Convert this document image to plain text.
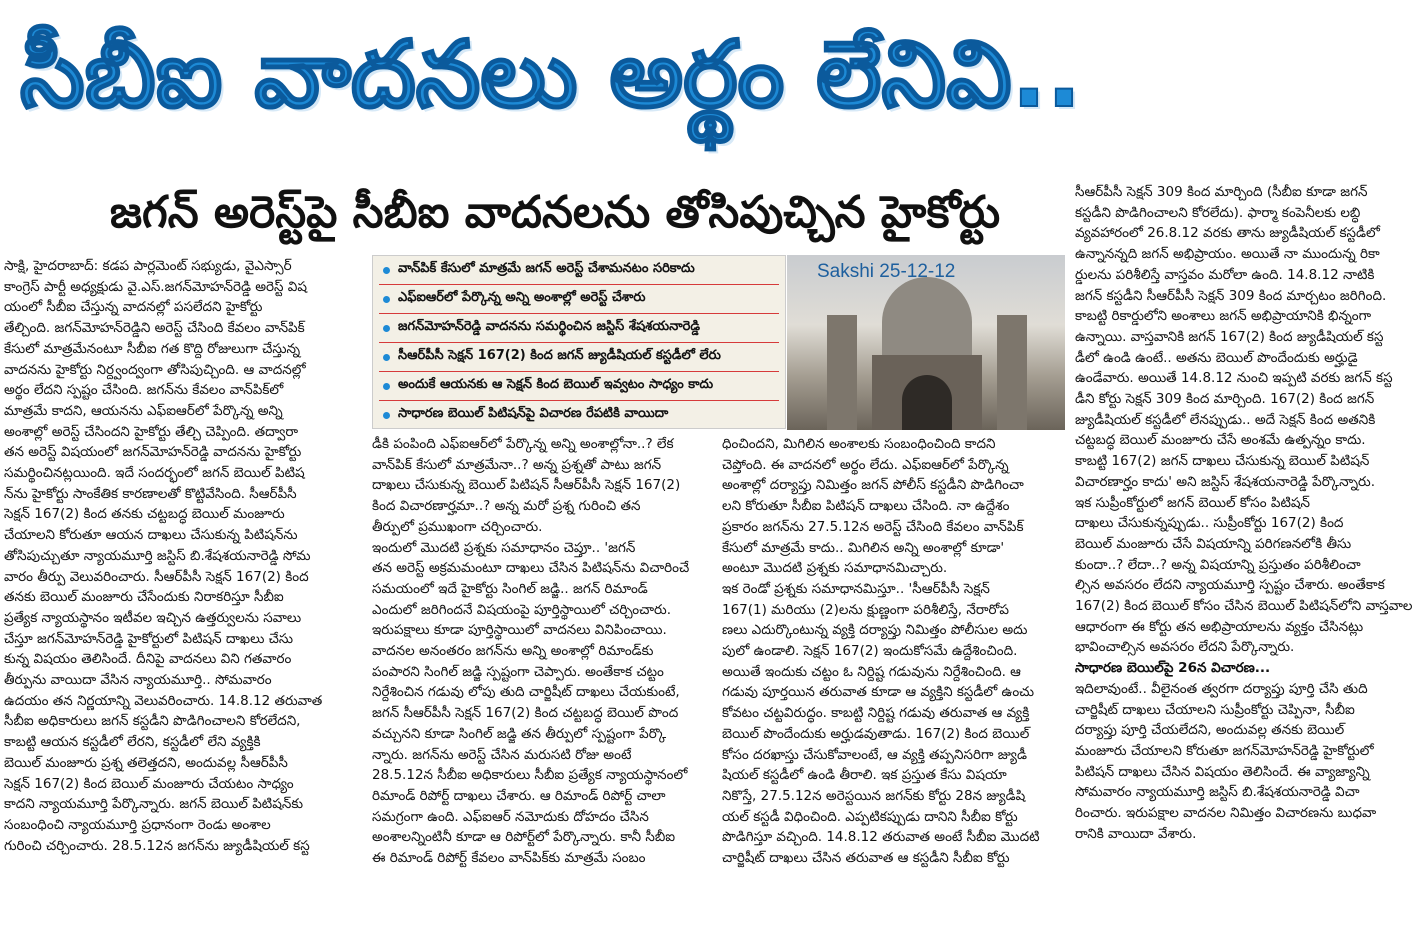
సీబీఐ వాదనలు అర్థం లేనివి..
జగన్ అరెస్ట్‌పై సీబీఐ వాదనలను తోసిపుచ్చిన హైకోర్టు
సాక్షి, హైదరాబాద్: కడప పార్లమెంట్ సభ్యుడు, వైఎస్సార్
కాంగ్రెస్ పార్టీ అధ్యక్షుడు వై.ఎస్.జగన్‌మోహన్‌రెడ్డి అరెస్ట్ విష
యంలో సీబీఐ చేస్తున్న వాదనల్లో పసలేదని హైకోర్టు
తేల్చింది. జగన్‌మోహన్‌రెడ్డిని అరెస్ట్ చేసింది కేవలం వాన్‌పిక్
కేసులో మాత్రమేనంటూ సీబీఐ గత కొద్ది రోజులుగా చేస్తున్న
వాదనను హైకోర్టు నిర్ద్వంద్వంగా తోసిపుచ్చింది. ఆ వాదనల్లో
అర్థం లేదని స్పష్టం చేసింది. జగన్‌ను కేవలం వాన్‌పిక్‌లో
మాత్రమే కాదని, ఆయనను ఎఫ్ఐఆర్‌లో పేర్కొన్న అన్ని
అంశాల్లో అరెస్ట్ చేసిందని హైకోర్టు తేల్చి చెప్పింది. తద్వారా
తన అరెస్ట్ విషయంలో జగన్‌మోహన్‌రెడ్డి వాదనను హైకోర్టు
సమర్థించినట్లయింది. ఇదే సందర్భంలో జగన్ బెయిల్ పిటిష
న్‌ను హైకోర్టు సాంకేతిక కారణాలతో కొట్టివేసింది. సీఆర్‌పీసీ
సెక్షన్ 167(2) కింద తనకు చట్టబద్ధ బెయిల్ మంజూరు
చేయాలని కోరుతూ ఆయన దాఖలు చేసుకున్న పిటిషన్‌ను
తోసిపుచ్చుతూ న్యాయమూర్తి జస్టిస్ బి.శేషశయనారెడ్డి సోమ
వారం తీర్పు వెలువరించారు. సీఆర్‌పీసీ సెక్షన్ 167(2) కింద
తనకు బెయిల్ మంజూరు చేసేందుకు నిరాకరిస్తూ సీబీఐ
ప్రత్యేక న్యాయస్థానం ఇటీవల ఇచ్చిన ఉత్తర్వులను సవాలు
చేస్తూ జగన్‌మోహన్‌రెడ్డి హైకోర్టులో పిటిషన్ దాఖలు చేసు
కున్న విషయం తెలిసిందే. దీనిపై వాదనలు విని గతవారం
తీర్పును వాయిదా వేసిన న్యాయమూర్తి.. సోమవారం
ఉదయం తన నిర్ణయాన్ని వెలువరించారు. 14.8.12 తరువాత
సీబీఐ అధికారులు జగన్ కస్టడీని పొడిగించాలని కోరలేదని,
కాబట్టి ఆయన కస్టడీలో లేరని, కస్టడీలో లేని వ్యక్తికి
బెయిల్ మంజూరు ప్రశ్న తలెత్తదని, అందువల్ల సీఆర్‌పీసీ
సెక్షన్ 167(2) కింద బెయిల్ మంజూరు చేయటం సాధ్యం
కాదని న్యాయమూర్తి పేర్కొన్నారు. జగన్ బెయిల్ పిటిషన్‌కు
సంబంధించి న్యాయమూర్తి ప్రధానంగా రెండు అంశాల
గురించి చర్చించారు. 28.5.12న జగన్‌ను జ్యుడీషియల్ కస్ట
వాన్‌పిక్ కేసులో మాత్రమే జగన్ అరెస్ట్ చేశామనటం సరికాదు
ఎఫ్ఐఆర్‌లో పేర్కొన్న అన్ని అంశాల్లో అరెస్ట్ చేశారు
జగన్‌మోహన్‌రెడ్డి వాదనను సమర్థించిన జస్టిస్ శేషశయనారెడ్డి
సీఆర్‌పీసీ సెక్షన్ 167(2) కింద జగన్ జ్యుడీషియల్ కస్టడీలో లేరు
అందుకే ఆయనకు ఆ సెక్షన్ కింద బెయిల్ ఇవ్వటం సాధ్యం కాదు
సాధారణ బెయిల్ పిటిషన్‌పై విచారణ రేపటికి వాయిదా
Sakshi 25-12-12
డీకి పంపింది ఎఫ్ఐఆర్‌లో పేర్కొన్న అన్ని అంశాల్లోనా..? లేక
వాన్‌పిక్ కేసులో మాత్రమేనా..? అన్న ప్రశ్నతో పాటు జగన్
దాఖలు చేసుకున్న బెయిల్ పిటిషన్ సీఆర్‌పీసీ సెక్షన్ 167(2)
కింద విచారణార్హమా..? అన్న మరో ప్రశ్న గురించి తన
తీర్పులో ప్రముఖంగా చర్చించారు.
ఇందులో మొదటి ప్రశ్నకు సమాధానం చెప్తూ.. 'జగన్
తన అరెస్ట్ అక్రమమంటూ దాఖలు చేసిన పిటిషన్‌ను విచారించే
సమయంలో ఇదే హైకోర్టు సింగిల్ జడ్జి.. జగన్ రిమాండ్
ఎందులో జరిగిందనే విషయంపై పూర్తిస్థాయిలో చర్చించారు.
ఇరుపక్షాలు కూడా పూర్తిస్థాయిలో వాదనలు వినిపించాయి.
వాదనల అనంతరం జగన్‌ను అన్ని అంశాల్లో రిమాండ్‌కు
పంపారని సింగిల్ జడ్జి స్పష్టంగా చెప్పారు. అంతేకాక చట్టం
నిర్దేశించిన గడువు లోపు తుది చార్జిషీట్ దాఖలు చేయకుంటే,
జగన్ సీఆర్‌పీసీ సెక్షన్ 167(2) కింద చట్టబద్ధ బెయిల్ పొంద
వచ్చునని కూడా సింగిల్ జడ్జి తన తీర్పులో స్పష్టంగా పేర్కొ
న్నారు. జగన్‌ను అరెస్ట్ చేసిన మరుసటి రోజు అంటే
28.5.12న సీబీఐ అధికారులు సీబీఐ ప్రత్యేక న్యాయస్థానంలో
రిమాండ్ రిపోర్ట్ దాఖలు చేశారు. ఆ రిమాండ్ రిపోర్ట్ చాలా
సమగ్రంగా ఉంది. ఎఫ్ఐఆర్ నమోదుకు దోహదం చేసిన
అంశాలన్నింటినీ కూడా ఆ రిపోర్ట్‌లో పేర్కొన్నారు. కానీ సీబీఐ
ఈ రిమాండ్ రిపోర్ట్ కేవలం వాన్‌పిక్‌కు మాత్రమే సంబం
ధించిందని, మిగిలిన అంశాలకు సంబంధించింది కాదని
చెప్తోంది. ఈ వాదనలో అర్థం లేదు. ఎఫ్ఐఆర్‌లో పేర్కొన్న
అంశాల్లో దర్యాప్తు నిమిత్తం జగన్ పోలీస్ కస్టడీని పొడిగించా
లని కోరుతూ సీబీఐ పిటిషన్ దాఖలు చేసింది. నా ఉద్దేశం
ప్రకారం జగన్‌ను 27.5.12న అరెస్ట్ చేసింది కేవలం వాన్‌పిక్
కేసులో మాత్రమే కాదు.. మిగిలిన అన్ని అంశాల్లో కూడా'
అంటూ మొదటి ప్రశ్నకు సమాధానమిచ్చారు.
ఇక రెండో ప్రశ్నకు సమాధానమిస్తూ.. 'సీఆర్‌పీసీ సెక్షన్
167(1) మరియు (2)లను క్షుణ్ణంగా పరిశీలిస్తే, నేరారోప
ణలు ఎదుర్కొంటున్న వ్యక్తి దర్యాప్తు నిమిత్తం పోలీసుల అదు
పులో ఉండాలి. సెక్షన్ 167(2) ఇందుకోసమే ఉద్దేశించింది.
అయితే ఇందుకు చట్టం ఓ నిర్దిష్ట గడువును నిర్దేశించింది. ఆ
గడువు పూర్తయిన తరువాత కూడా ఆ వ్యక్తిని కస్టడీలో ఉంచు
కోవటం చట్టవిరుద్ధం. కాబట్టి నిర్దిష్ట గడువు తరువాత ఆ వ్యక్తి
బెయిల్ పొందేందుకు అర్హుడవుతాడు. 167(2) కింద బెయిల్
కోసం దరఖాస్తు చేసుకోవాలంటే, ఆ వ్యక్తి తప్పనిసరిగా జ్యుడీ
షియల్ కస్టడీలో ఉండి తీరాలి. ఇక ప్రస్తుత కేసు విషయా
నికొస్తే, 27.5.12న అరెస్టయిన జగన్‌కు కోర్టు 28న జ్యుడీషి
యల్ కస్టడీ విధించింది. ఎప్పటికప్పుడు దానిని సీబీఐ కోర్టు
పొడిగిస్తూ వచ్చింది. 14.8.12 తరువాత అంటే సీబీఐ మొదటి
చార్జిషీట్ దాఖలు చేసిన తరువాత ఆ కస్టడీని సీబీఐ కోర్టు
సీఆర్‌పీసీ సెక్షన్ 309 కింద మార్చింది (సీబీఐ కూడా జగన్
కస్టడీని పొడిగించాలని కోరలేదు). ఫార్మా కంపెనీలకు లబ్ధి
వ్యవహారంలో 26.8.12 వరకు తాను జ్యుడీషియల్ కస్టడీలో
ఉన్నానన్నది జగన్ అభిప్రాయం. అయితే నా ముందున్న రికా
ర్డులను పరిశీలిస్తే వాస్తవం మరోలా ఉంది. 14.8.12 నాటికి
జగన్ కస్టడీని సీఆర్‌పీసీ సెక్షన్ 309 కింద మార్చటం జరిగింది.
కాబట్టి రికార్డులోని అంశాలు జగన్ అభిప్రాయానికి భిన్నంగా
ఉన్నాయి. వాస్తవానికి జగన్ 167(2) కింద జ్యుడీషియల్ కస్ట
డీలో ఉండి ఉంటే.. అతను బెయిల్ పొందేందుకు అర్హుడై
ఉండేవారు. అయితే 14.8.12 నుంచి ఇప్పటి వరకు జగన్ కస్ట
డీని కోర్టు సెక్షన్ 309 కింద మార్చింది. 167(2) కింద జగన్
జ్యుడీషియల్ కస్టడీలో లేనప్పుడు.. అదే సెక్షన్ కింద అతనికి
చట్టబద్ధ బెయిల్ మంజూరు చేసే అంశమే ఉత్పన్నం కాదు.
కాబట్టి 167(2) జగన్ దాఖలు చేసుకున్న బెయిల్ పిటిషన్
విచారణార్హం కాదు' అని జస్టిస్ శేషశయనారెడ్డి పేర్కొన్నారు.
ఇక సుప్రీంకోర్టులో జగన్ బెయిల్ కోసం పిటిషన్
దాఖలు చేసుకున్నప్పుడు.. సుప్రీంకోర్టు 167(2) కింద
బెయిల్ మంజూరు చేసే విషయాన్ని పరిగణనలోకి తీసు
కుందా..? లేదా..? అన్న విషయాన్ని ప్రస్తుతం పరిశీలించా
ల్సిన అవసరం లేదని న్యాయమూర్తి స్పష్టం చేశారు. అంతేకాక
167(2) కింద బెయిల్ కోసం చేసిన బెయిల్ పిటిషన్‌లోని వాస్తవాల
ఆధారంగా ఈ కోర్టు తన అభిప్రాయాలను వ్యక్తం చేసినట్లు
భావించాల్సిన అవసరం లేదని పేర్కొన్నారు.
సాధారణ బెయిల్‌పై 26న విచారణ...
ఇదిలావుంటే.. వీలైనంత త్వరగా దర్యాప్తు పూర్తి చేసి తుది
చార్జిషీట్ దాఖలు చేయాలని సుప్రీంకోర్టు చెప్పినా, సీబీఐ
దర్యాప్తు పూర్తి చేయలేదని, అందువల్ల తనకు బెయిల్
మంజూరు చేయాలని కోరుతూ జగన్‌మోహన్‌రెడ్డి హైకోర్టులో
పిటిషన్ దాఖలు చేసిన విషయం తెలిసిందే. ఈ వ్యాజ్యాన్ని
సోమవారం న్యాయమూర్తి జస్టిస్ బి.శేషశయనారెడ్డి విచా
రించారు. ఇరుపక్షాల వాదనల నిమిత్తం విచారణను బుధవా
రానికి వాయిదా వేశారు.
